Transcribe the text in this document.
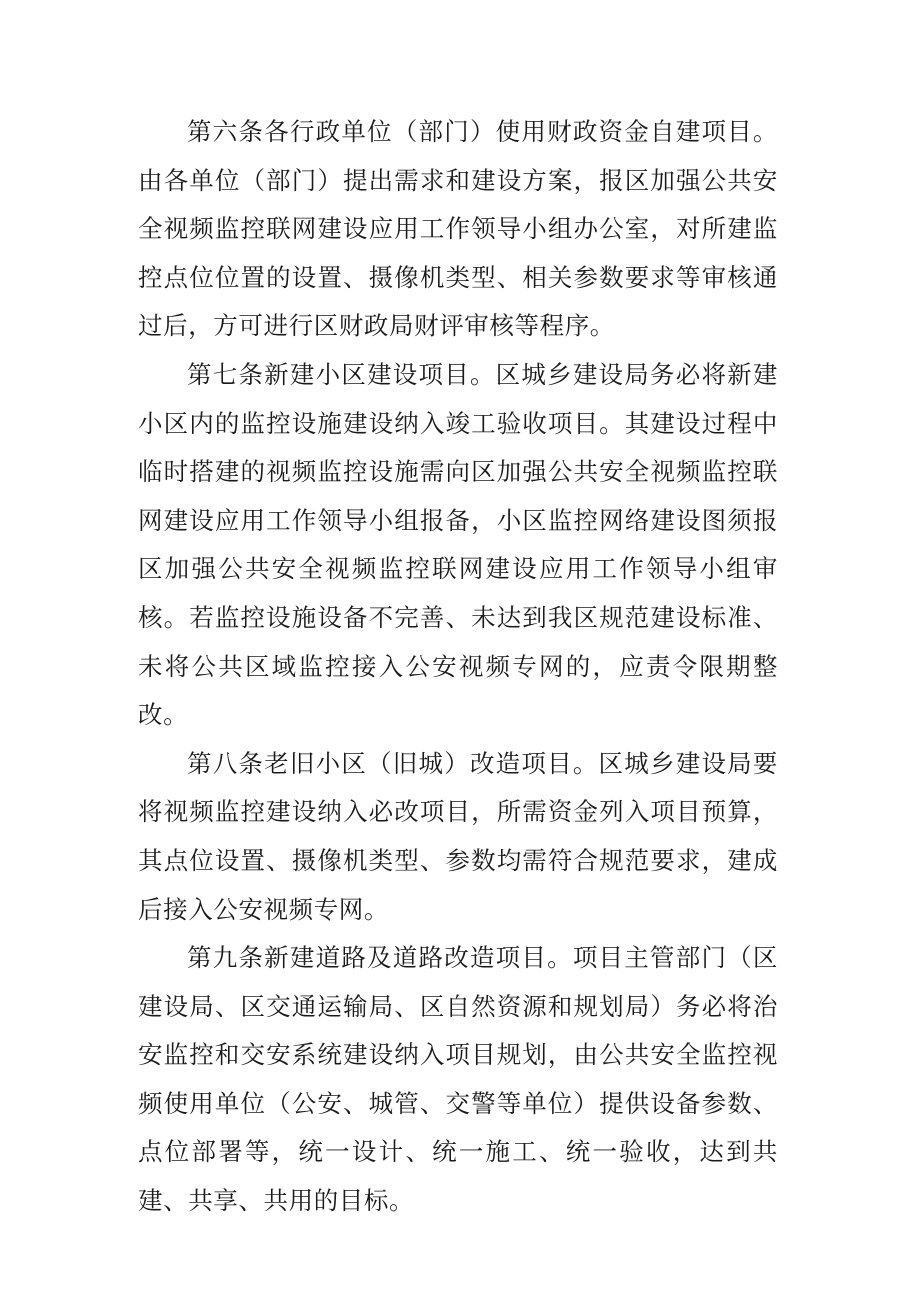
第六条各行政单位（部门）使用财政资金自建项目。由各单位（部门）提出需求和建设方案，报区加强公共安全视频监控联网建设应用工作领导小组办公室，对所建监控点位位置的设置、摄像机类型、相关参数要求等审核通过后，方可进行区财政局财评审核等程序。

第七条新建小区建设项目。区城乡建设局务必将新建小区内的监控设施建设纳入竣工验收项目。其建设过程中临时搭建的视频监控设施需向区加强公共安全视频监控联网建设应用工作领导小组报备，小区监控网络建设图须报区加强公共安全视频监控联网建设应用工作领导小组审核。若监控设施设备不完善、未达到我区规范建设标准、未将公共区域监控接入公安视频专网的，应责令限期整改。

第八条老旧小区（旧城）改造项目。区城乡建设局要将视频监控建设纳入必改项目，所需资金列入项目预算，其点位设置、摄像机类型、参数均需符合规范要求，建成后接入公安视频专网。

第九条新建道路及道路改造项目。项目主管部门（区建设局、区交通运输局、区自然资源和规划局）务必将治安监控和交安系统建设纳入项目规划，由公共安全监控视频使用单位（公安、城管、交警等单位）提供设备参数、点位部署等，统一设计、统一施工、统一验收，达到共建、共享、共用的目标。
